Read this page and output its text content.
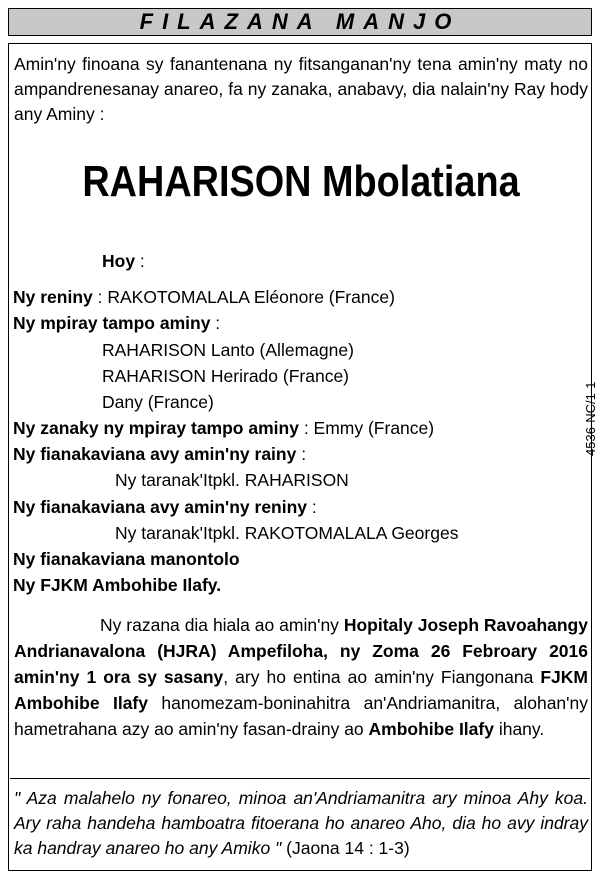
FILAZANA MANJO
Amin'ny finoana sy fanantenana ny fitsanganan'ny tena amin'ny maty no ampandrenesanay anareo, fa ny zanaka, anabavy, dia nalain'ny Ray hody any Aminy :
RAHARISON Mbolatiana
Hoy :
Ny reniny : RAKOTOMALALA Eléonore (France)
Ny mpiray tampo aminy :
RAHARISON Lanto (Allemagne)
RAHARISON Herirado (France)
Dany (France)
Ny zanaky ny mpiray tampo aminy : Emmy (France)
Ny fianakaviana avy amin'ny rainy :
Ny taranak'Itpkl. RAHARISON
Ny fianakaviana avy amin'ny reniny :
Ny taranak'Itpkl. RAKOTOMALALA Georges
Ny fianakaviana manontolo
Ny FJKM Ambohibe Ilafy.
Ny razana dia hiala ao amin'ny Hopitaly Joseph Ravoahangy Andrianavalona (HJRA) Ampefiloha, ny Zoma 26 Febroary 2016 amin'ny 1 ora sy sasany, ary ho entina ao amin'ny Fiangonana FJKM Ambohibe Ilafy hanomezam-boninahitra an'Andriamanitra, alohan'ny hametrahana azy ao amin'ny fasan-drainy ao Ambohibe Ilafy ihany.
" Aza malahelo ny fonareo, minoa an'Andriamanitra ary minoa Ahy koa. Ary raha handeha hamboatra fitoerana ho anareo Aho, dia ho avy indray ka handray anareo ho any Amiko " (Jaona 14 : 1-3)
4536-NC/1-1
